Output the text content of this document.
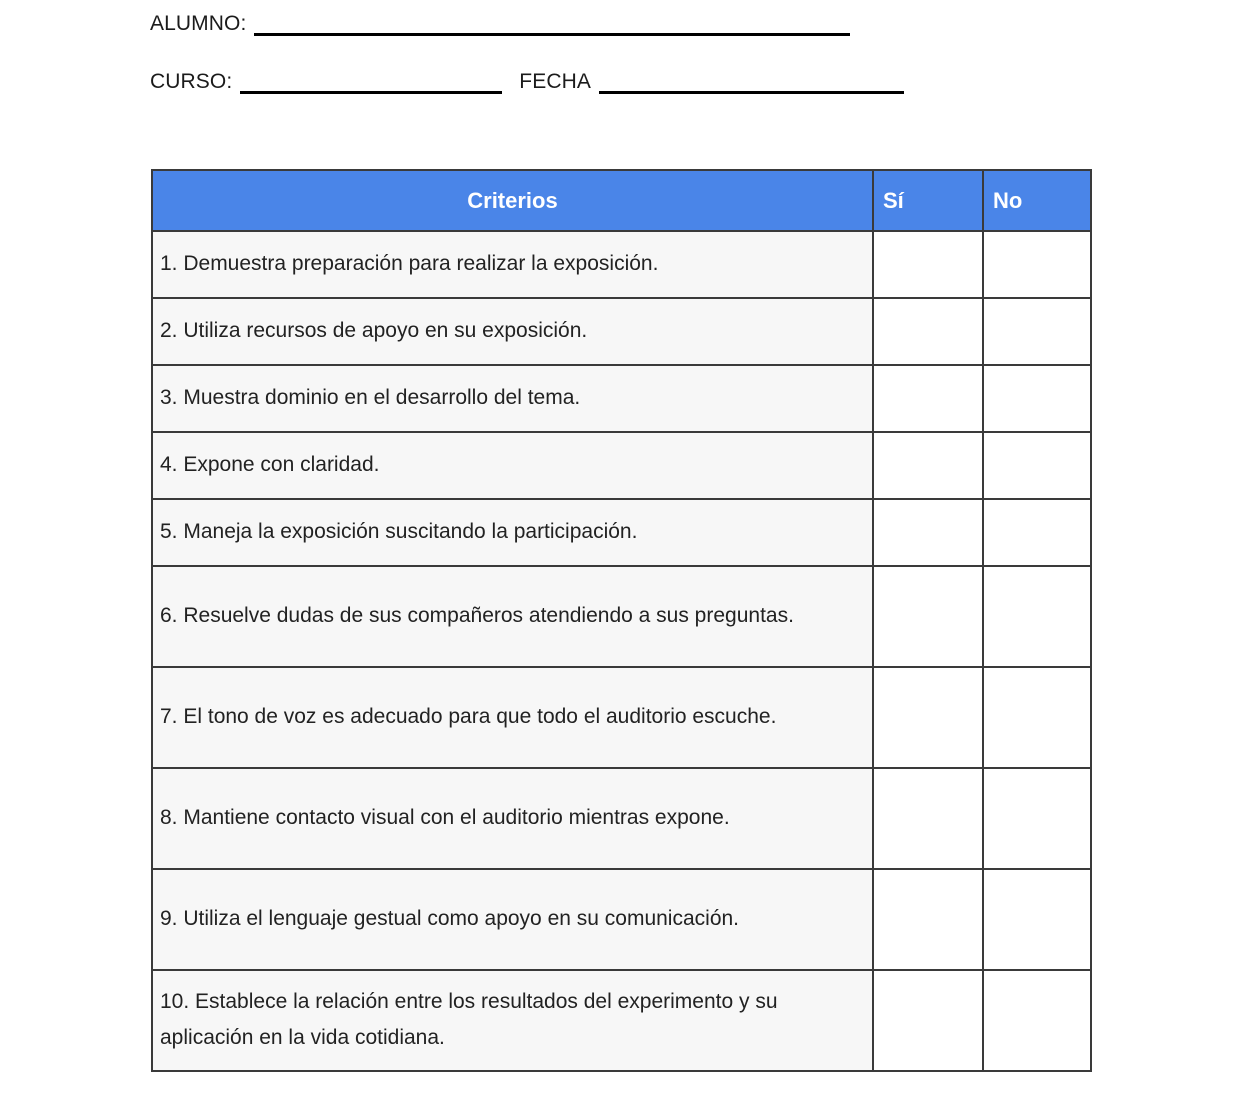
ALUMNO:
CURSO:	FECHA
Criterios	Sí	No

1. Demuestra preparación para realizar la exposición.		

2. Utiliza recursos de apoyo en su exposición.		

3. Muestra dominio en el desarrollo del tema.		

4. Expone con claridad.		

5. Maneja la exposición suscitando la participación.		

6. Resuelve dudas de sus compañeros atendiendo a sus preguntas.		

7. El tono de voz es adecuado para que todo el auditorio escuche.		

8. Mantiene contacto visual con el auditorio mientras expone.		

9. Utiliza el lenguaje gestual como apoyo en su comunicación.		

10. Establece la relación entre los resultados del experimento y su aplicación en la vida cotidiana.		
